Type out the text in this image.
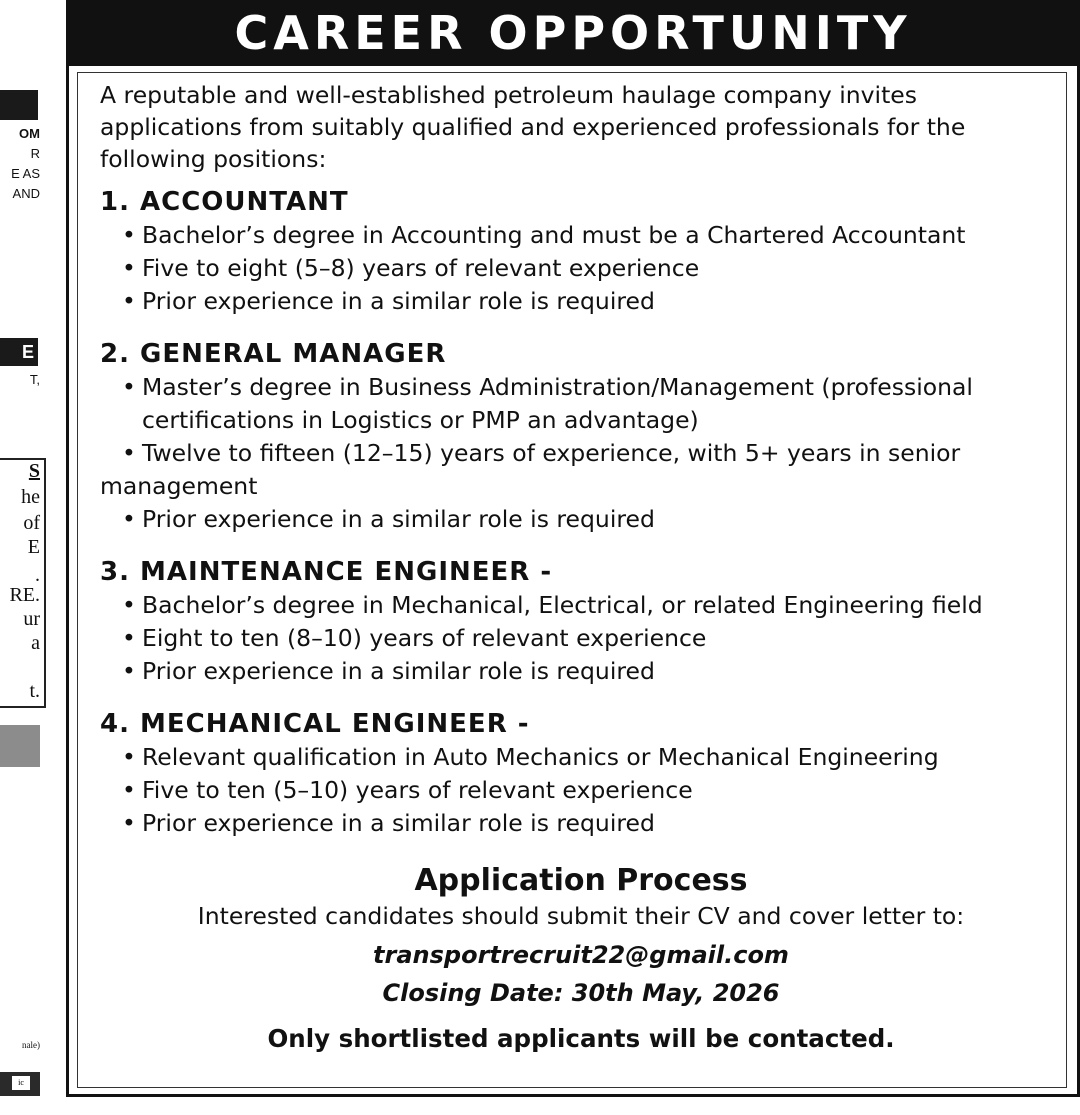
OM
R
E AS
AND
E
T,
S
he
of
E
.
RE.
ur
a
t.
nale)
ic
CAREER OPPORTUNITY

A reputable and well-established petroleum haulage company invites applications from suitably qualified and experienced professionals for the following positions:

1. ACCOUNTANT

• Bachelor’s degree in Accounting and must be a Chartered Accountant
• Five to eight (5–8) years of relevant experience
• Prior experience in a similar role is required

2. GENERAL MANAGER

• Master’s degree in Business Administration/Management (professional certifications in Logistics or PMP an advantage)
• Twelve to fifteen (12–15) years of experience, with 5+ years in senior management
• Prior experience in a similar role is required

3. MAINTENANCE ENGINEER -

• Bachelor’s degree in Mechanical, Electrical, or related Engineering field
• Eight to ten (8–10) years of relevant experience
• Prior experience in a similar role is required

4. MECHANICAL ENGINEER -

• Relevant qualification in Auto Mechanics or Mechanical Engineering
• Five to ten (5–10) years of relevant experience
• Prior experience in a similar role is required

Application Process

Interested candidates should submit their CV and cover letter to:

transportrecruit22@gmail.com

Closing Date: 30th May, 2026

Only shortlisted applicants will be contacted.
